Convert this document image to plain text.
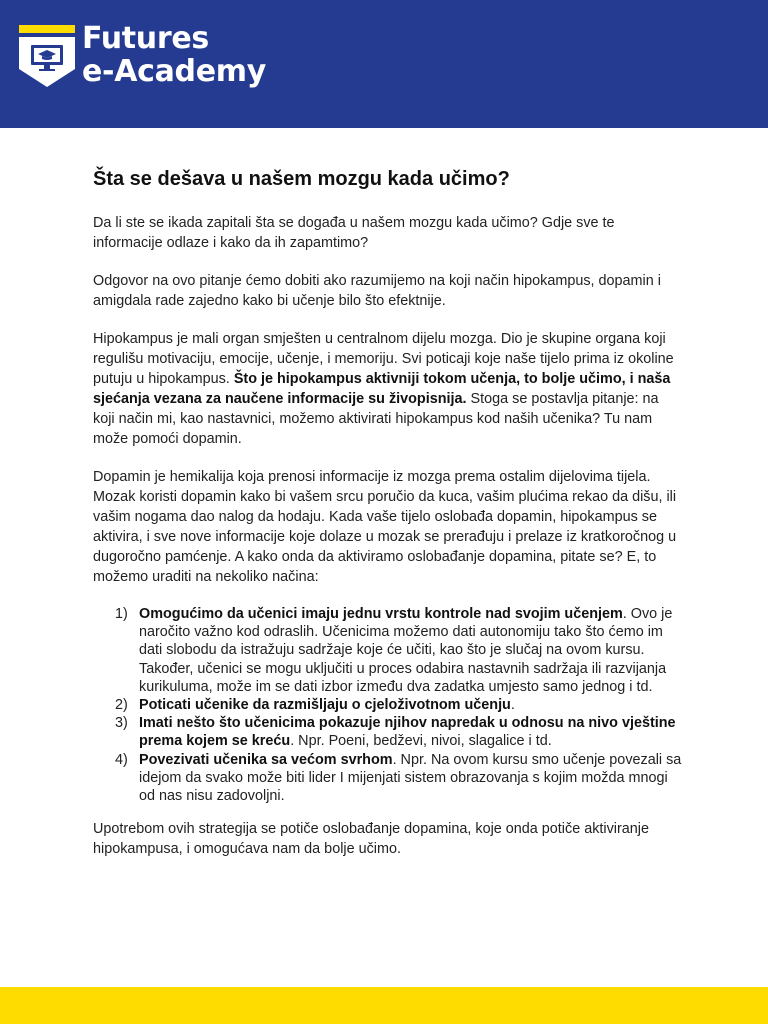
Futures
e-Academy
Šta se dešava u našem mozgu kada učimo?

Da li ste se ikada zapitali šta se događa u našem mozgu kada učimo? Gdje sve te informacije odlaze i kako da ih zapamtimo?

Odgovor na ovo pitanje ćemo dobiti ako razumijemo na koji način hipokampus, dopamin i amigdala rade zajedno kako bi učenje bilo što efektnije.

Hipokampus je mali organ smješten u centralnom dijelu mozga. Dio je skupine organa koji regulišu motivaciju, emocije, učenje, i memoriju. Svi poticaji koje naše tijelo prima iz okoline putuju u hipokampus. Što je hipokampus aktivniji tokom učenja, to bolje učimo, i naša sjećanja vezana za naučene informacije su živopisnija. Stoga se postavlja pitanje: na koji način mi, kao nastavnici, možemo aktivirati hipokampus kod naših učenika? Tu nam može pomoći dopamin.

Dopamin je hemikalija koja prenosi informacije iz mozga prema ostalim dijelovima tijela. Mozak koristi dopamin kako bi vašem srcu poručio da kuca, vašim plućima rekao da dišu, ili vašim nogama dao nalog da hodaju. Kada vaše tijelo oslobađa dopamin, hipokampus se aktivira, i sve nove informacije koje dolaze u mozak se prerađuju i prelaze iz kratkoročnog u dugoročno pamćenje. A kako onda da aktiviramo oslobađanje dopamina, pitate se? E, to možemo uraditi na nekoliko načina:

1) Omogućimo da učenici imaju jednu vrstu kontrole nad svojim učenjem. Ovo je naročito važno kod odraslih. Učenicima možemo dati autonomiju tako što ćemo im dati slobodu da istražuju sadržaje koje će učiti, kao što je slučaj na ovom kursu. Također, učenici se mogu uključiti u proces odabira nastavnih sadržaja ili razvijanja kurikuluma, može im se dati izbor između dva zadatka umjesto samo jednog i td.
2) Poticati učenike da razmišljaju o cjeloživotnom učenju.
3) Imati nešto što učenicima pokazuje njihov napredak u odnosu na nivo vještine prema kojem se kreću. Npr. Poeni, bedževi, nivoi, slagalice i td.
4) Povezivati učenika sa većom svrhom. Npr. Na ovom kursu smo učenje povezali sa idejom da svako može biti lider I mijenjati sistem obrazovanja s kojim možda mnogi od nas nisu zadovoljni.

Upotrebom ovih strategija se potiče oslobađanje dopamina, koje onda potiče aktiviranje hipokampusa, i omogućava nam da bolje učimo.
